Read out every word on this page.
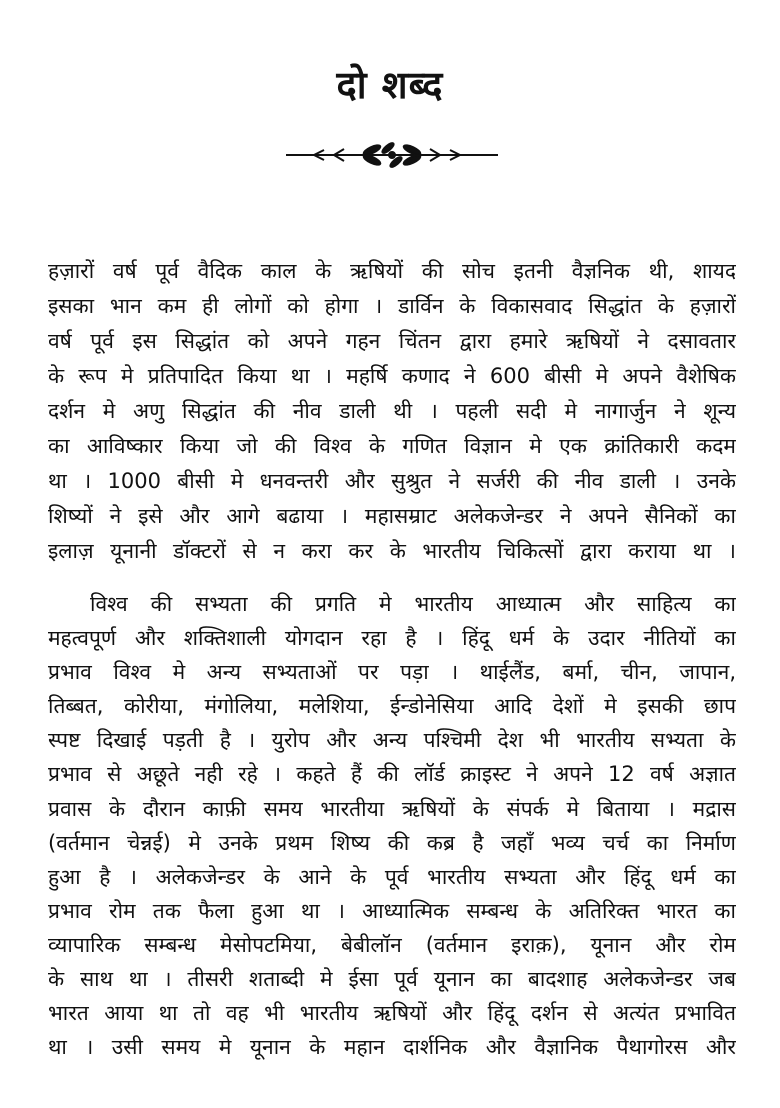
दो शब्द
हज़ारों वर्ष पूर्व वैदिक काल के ऋषियों की सोच इतनी वैज्ञनिक थी, शायद
इसका भान कम ही लोगों को होगा । डार्विन के विकासवाद सिद्धांत के हज़ारों
वर्ष पूर्व इस सिद्धांत को अपने गहन चिंतन द्वारा हमारे ऋषियों ने दसावतार
के रूप मे प्रतिपादित किया था । महर्षि कणाद ने 600 बीसी मे अपने वैशेषिक
दर्शन मे अणु सिद्धांत की नीव डाली थी । पहली सदी मे नागार्जुन ने शून्य
का आविष्कार किया जो की विश्व के गणित विज्ञान मे एक क्रांतिकारी कदम
था । 1000 बीसी मे धनवन्तरी और सुश्रुत ने सर्जरी की नीव डाली । उनके
शिष्यों ने इसे और आगे बढाया । महासम्राट अलेकजेन्डर ने अपने सैनिकों का
इलाज़ यूनानी डॉक्टरों से न करा कर के भारतीय चिकित्सों द्वारा कराया था ।
  विश्व की सभ्यता की प्रगति मे भारतीय आध्यात्म और साहित्य का
महत्वपूर्ण और शक्तिशाली योगदान रहा है । हिंदू धर्म के उदार नीतियों का
प्रभाव विश्व मे अन्य सभ्यताओं पर पड़ा । थाईलैंड, बर्मा, चीन, जापान,
तिब्बत, कोरीया, मंगोलिया, मलेशिया, ईन्डोनेसिया आदि देशों मे इसकी छाप
स्पष्ट दिखाई पड़ती है । युरोप और अन्य पश्चिमी देश भी भारतीय सभ्यता के
प्रभाव से अछूते नही रहे । कहते हैं की लॉर्ड क्राइस्ट ने अपने 12 वर्ष अज्ञात
प्रवास के दौरान काफ़ी समय भारतीया ऋषियों के संपर्क मे बिताया । मद्रास
(वर्तमान चेन्नई) मे उनके प्रथम शिष्य की कब्र है जहाँ भव्य चर्च का निर्माण
हुआ है । अलेकजेन्डर के आने के पूर्व भारतीय सभ्यता और हिंदू धर्म का
प्रभाव रोम तक फैला हुआ था । आध्यात्मिक सम्बन्ध के अतिरिक्त भारत का
व्यापारिक सम्बन्ध मेसोपटमिया, बेबीलॉन (वर्तमान इराक़), यूनान और रोम
के साथ था । तीसरी शताब्दी मे ईसा पूर्व यूनान का बादशाह अलेकजेन्डर जब
भारत आया था तो वह भी भारतीय ऋषियों और हिंदू दर्शन से अत्यंत प्रभावित
था । उसी समय मे यूनान के महान दार्शनिक और वैज्ञानिक पैथागोरस और
